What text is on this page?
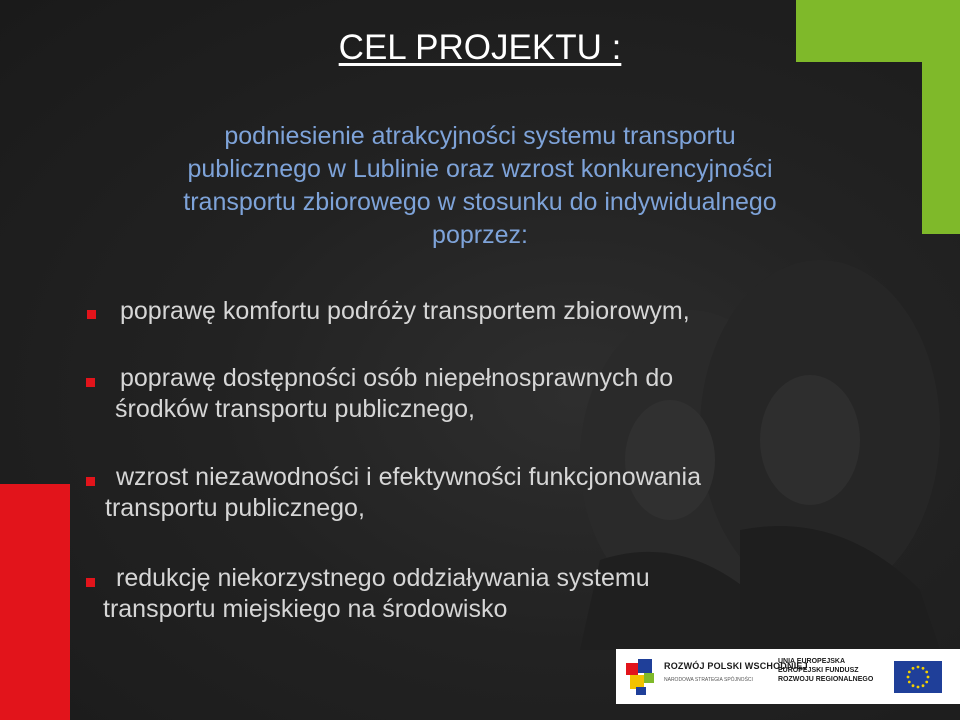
CEL PROJEKTU :
podniesienie atrakcyjności systemu transportu
publicznego w Lublinie oraz wzrost konkurencyjności
transportu zbiorowego w stosunku do indywidualnego
poprzez:
poprawę komfortu podróży transportem zbiorowym,
poprawę dostępności osób niepełnosprawnych do
środków transportu publicznego,
wzrost niezawodności i efektywności funkcjonowania
transportu publicznego,
redukcję niekorzystnego oddziaływania systemu
transportu miejskiego na środowisko
ROZWÓJ POLSKI WSCHODNIEJ
NARODOWA STRATEGIA SPÓJNOŚCI
UNIA EUROPEJSKA
EUROPEJSKI FUNDUSZ
ROZWOJU REGIONALNEGO
